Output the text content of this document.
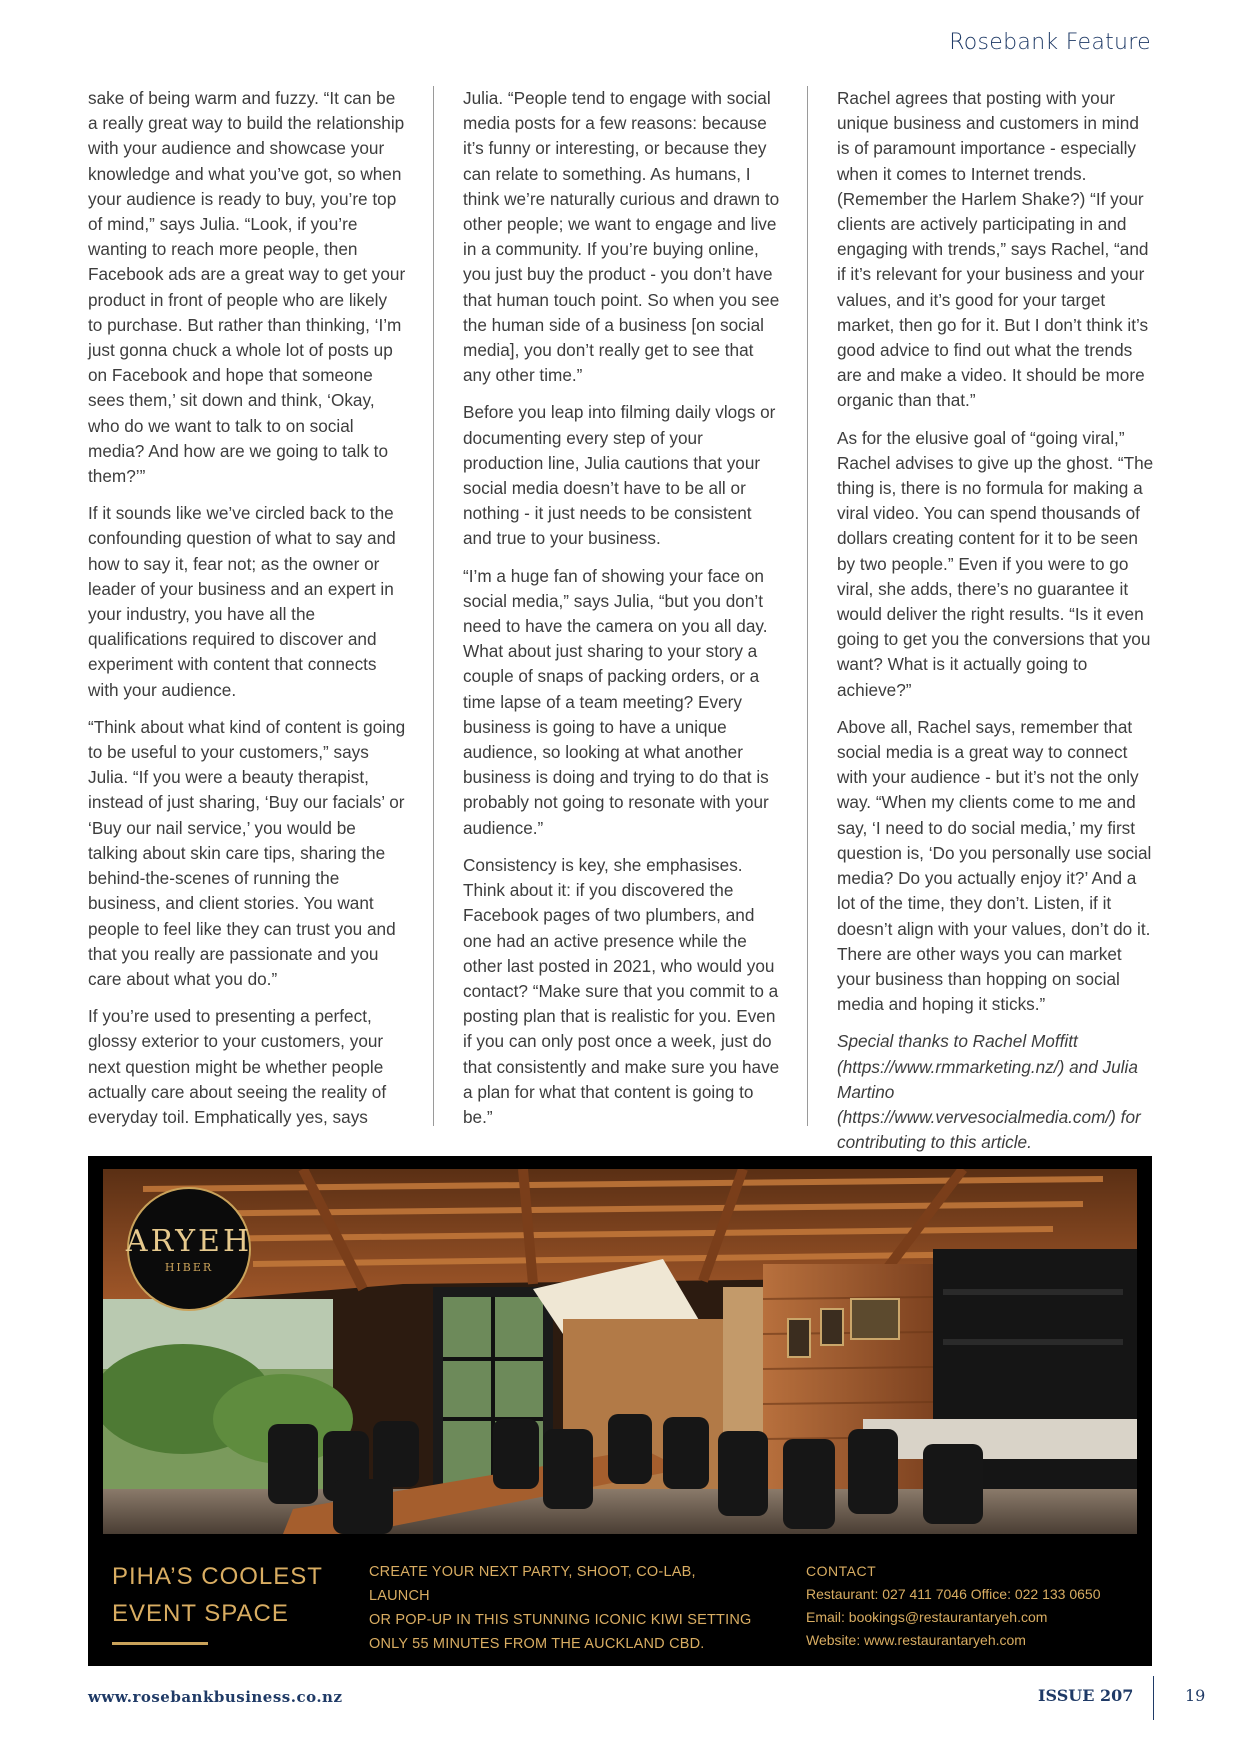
Rosebank Feature

sake of being warm and fuzzy. “It can be a really great way to build the relationship with your audience and showcase your knowledge and what you’ve got, so when your audience is ready to buy, you’re top of mind,” says Julia. “Look, if you’re wanting to reach more people, then Facebook ads are a great way to get your product in front of people who are likely to purchase. But rather than thinking, ‘I’m just gonna chuck a whole lot of posts up on Facebook and hope that someone sees them,’ sit down and think, ‘Okay, who do we want to talk to on social media? And how are we going to talk to them?’”

If it sounds like we’ve circled back to the confounding question of what to say and how to say it, fear not; as the owner or leader of your business and an expert in your industry, you have all the qualifications required to discover and experiment with content that connects with your audience.

“Think about what kind of content is going to be useful to your customers,” says Julia. “If you were a beauty therapist, instead of just sharing, ‘Buy our facials’ or ‘Buy our nail service,’ you would be talking about skin care tips, sharing the behind-the-scenes of running the business, and client stories. You want people to feel like they can trust you and that you really are passionate and you care about what you do.”

If you’re used to presenting a perfect, glossy exterior to your customers, your next question might be whether people actually care about seeing the reality of everyday toil. Emphatically yes, says

Julia. “People tend to engage with social media posts for a few reasons: because it’s funny or interesting, or because they can relate to something. As humans, I think we’re naturally curious and drawn to other people; we want to engage and live in a community. If you’re buying online, you just buy the product - you don’t have that human touch point. So when you see the human side of a business [on social media], you don’t really get to see that any other time.”

Before you leap into filming daily vlogs or documenting every step of your production line, Julia cautions that your social media doesn’t have to be all or nothing - it just needs to be consistent and true to your business.

“I’m a huge fan of showing your face on social media,” says Julia, “but you don’t need to have the camera on you all day. What about just sharing to your story a couple of snaps of packing orders, or a time lapse of a team meeting? Every business is going to have a unique audience, so looking at what another business is doing and trying to do that is probably not going to resonate with your audience.”

Consistency is key, she emphasises. Think about it: if you discovered the Facebook pages of two plumbers, and one had an active presence while the other last posted in 2021, who would you contact? “Make sure that you commit to a posting plan that is realistic for you. Even if you can only post once a week, just do that consistently and make sure you have a plan for what that content is going to be.”

Rachel agrees that posting with your unique business and customers in mind is of paramount importance - especially when it comes to Internet trends. (Remember the Harlem Shake?) “If your clients are actively participating in and engaging with trends,” says Rachel, “and if it’s relevant for your business and your values, and it’s good for your target market, then go for it. But I don’t think it’s good advice to find out what the trends are and make a video. It should be more organic than that.”

As for the elusive goal of “going viral,” Rachel advises to give up the ghost. “The thing is, there is no formula for making a viral video. You can spend thousands of dollars creating content for it to be seen by two people.” Even if you were to go viral, she adds, there’s no guarantee it would deliver the right results. “Is it even going to get you the conversions that you want? What is it actually going to achieve?”

Above all, Rachel says, remember that social media is a great way to connect with your audience - but it’s not the only way. “When my clients come to me and say, ‘I need to do social media,’ my first question is, ‘Do you personally use social media? Do you actually enjoy it?’ And a lot of the time, they don’t. Listen, if it doesn’t align with your values, don’t do it. There are other ways you can market your business than hopping on social media and hoping it sticks.”

Special thanks to Rachel Moffitt (https://www.rmmarketing.nz/) and Julia Martino (https://www.vervesocialmedia.com/) for contributing to this article.

ARYEH
HIBER
PIHA’S COOLEST
EVENT SPACE
CREATE YOUR NEXT PARTY, SHOOT, CO-LAB, LAUNCH
OR POP-UP IN THIS STUNNING ICONIC KIWI SETTING
ONLY 55 MINUTES FROM THE AUCKLAND CBD.
CONTACT
Restaurant: 027 411 7046 Office: 022 133 0650
Email: bookings@restaurantaryeh.com
Website: www.restaurantaryeh.com
www.rosebankbusiness.co.nz	ISSUE 207	19
